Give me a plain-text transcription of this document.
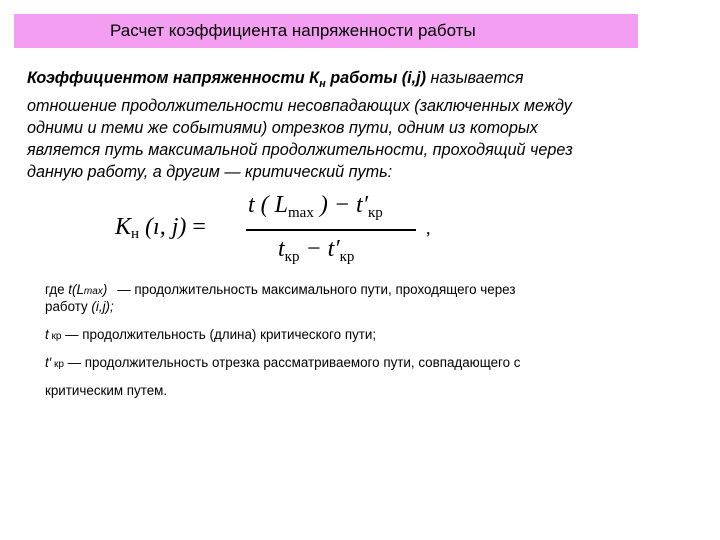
Расчет коэффициента напряженности работы
Коэффициентом напряженности $К_н$ работы (i,j) называется
отношение продолжительности несовпадающих (заключенных между
одними и теми же событиями) отрезков пути, одним из которых
является путь максимальной продолжительности, проходящий через
данную работу, а другим — критический путь:
$K_н$ (ı, j) =
t ( $L_{max}$ ) − $t'_{кр}$
$t_{кр} - t'_{кр}$
,
где t(Lmax) — продолжительность максимального пути, проходящего через
работу (i,j);
t кр — продолжительность (длина) критического пути;
t′ кр — продолжительность отрезка рассматриваемого пути, совпадающего с
критическим путем.
